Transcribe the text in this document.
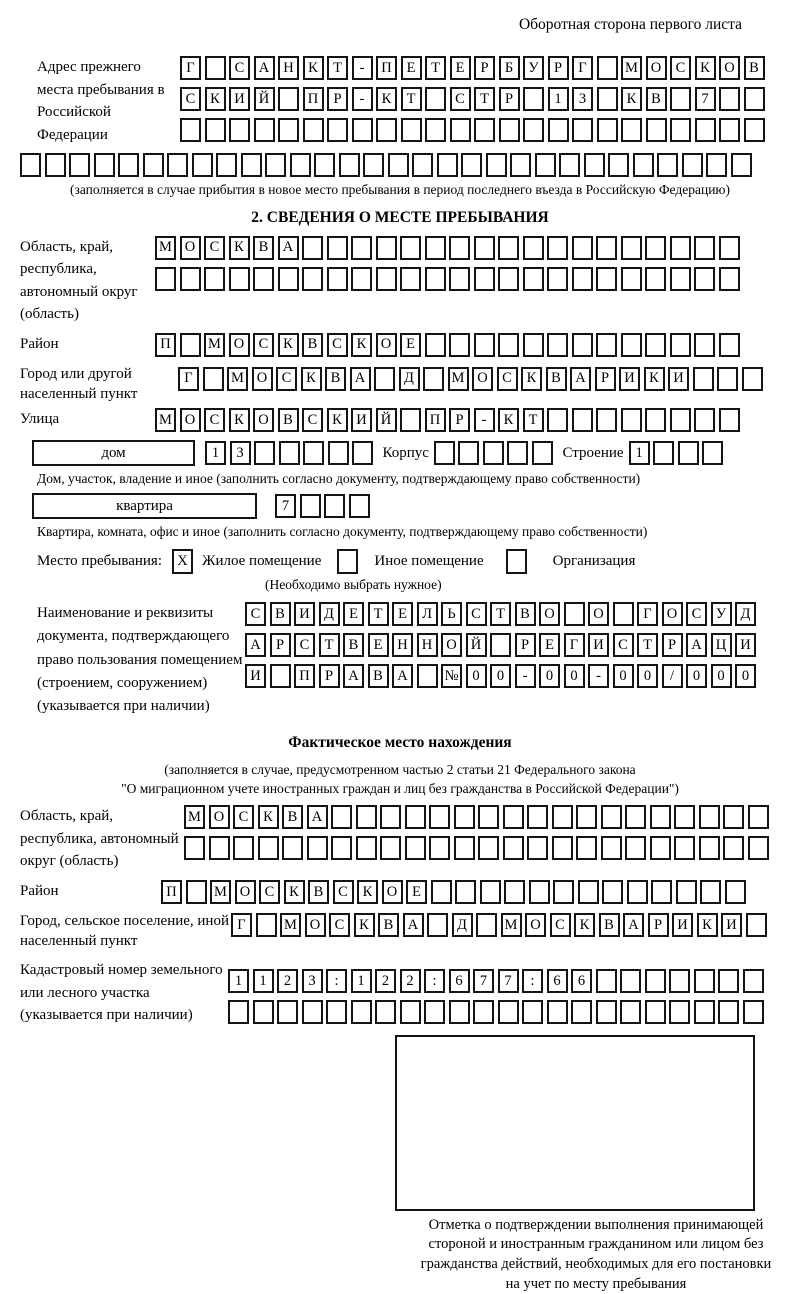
Оборотная сторона первого листа
Адрес прежнего места пребывания в Российской Федерации
Г	С А Н К	Т	-	П	Е	Т	Е	Р	Б	У	Р	Г	М О С	К О В
С	К И Й	П	Р	-	К	Т	С	Т	Р	1	3	К	В	7
(заполняется в случае прибытия в новое место пребывания в период последнего въезда в Российскую Федерацию)
2. СВЕДЕНИЯ О МЕСТЕ ПРЕБЫВАНИЯ
Область, край, республика, автономный округ (область)
М О С	К	В А
Район	П	М О С	К	В	С	К О	Е
Город или другой населенный пункт
Г	М О С	К	В А	Д	М О С	К	В А	Р	И К И
Улица	М О С	К О В	С	К И Й	П	Р	-	К	Т
дом	1	3	Корпус	Строение 1
Дом, участок, владение и иное (заполнить согласно документу, подтверждающему право собственности)
квартира	7
Квартира, комната, офис и иное (заполнить согласно документу, подтверждающему право собственности)
Место пребывания:	X Жилое помещение	Иное помещение	Организация
(Необходимо выбрать нужное)
Наименование и реквизиты документа, подтверждающего право пользования помещением (строением, сооружением) (указывается при наличии)
С	В И Д	Е	Т	Е	Л	Ь	С	Т	В О	О	Г	О С	У Д
А	Р	С	Т	В	Е	Н Н О Й	Р	Е	Г	И С	Т	Р	А Ц И
И	П	Р	А В А	№ 0	0	-	0	0	-	0	0	/	0	0	0
Фактическое место нахождения
(заполняется в случае, предусмотренном частью 2 статьи 21 Федерального закона
"О миграционном учете иностранных граждан и лиц без гражданства в Российской Федерации")
Область, край, республика, автономный округ (область)
М О С	К	В А
Район	П	М О С	К	В	С	К О	Е
Город, сельское поселение, иной населенный пункт
Г	М О С	К	В А	Д	М О С	К	В А	Р	И К И
Кадастровый номер земельного или лесного участка (указывается при наличии)
1	1	2	3	:	1	2	2	:	6	7	7	:	6	6
Отметка о подтверждении выполнения принимающей
стороной и иностранным гражданином или лицом без
гражданства действий, необходимых для его постановки
на учет по месту пребывания
